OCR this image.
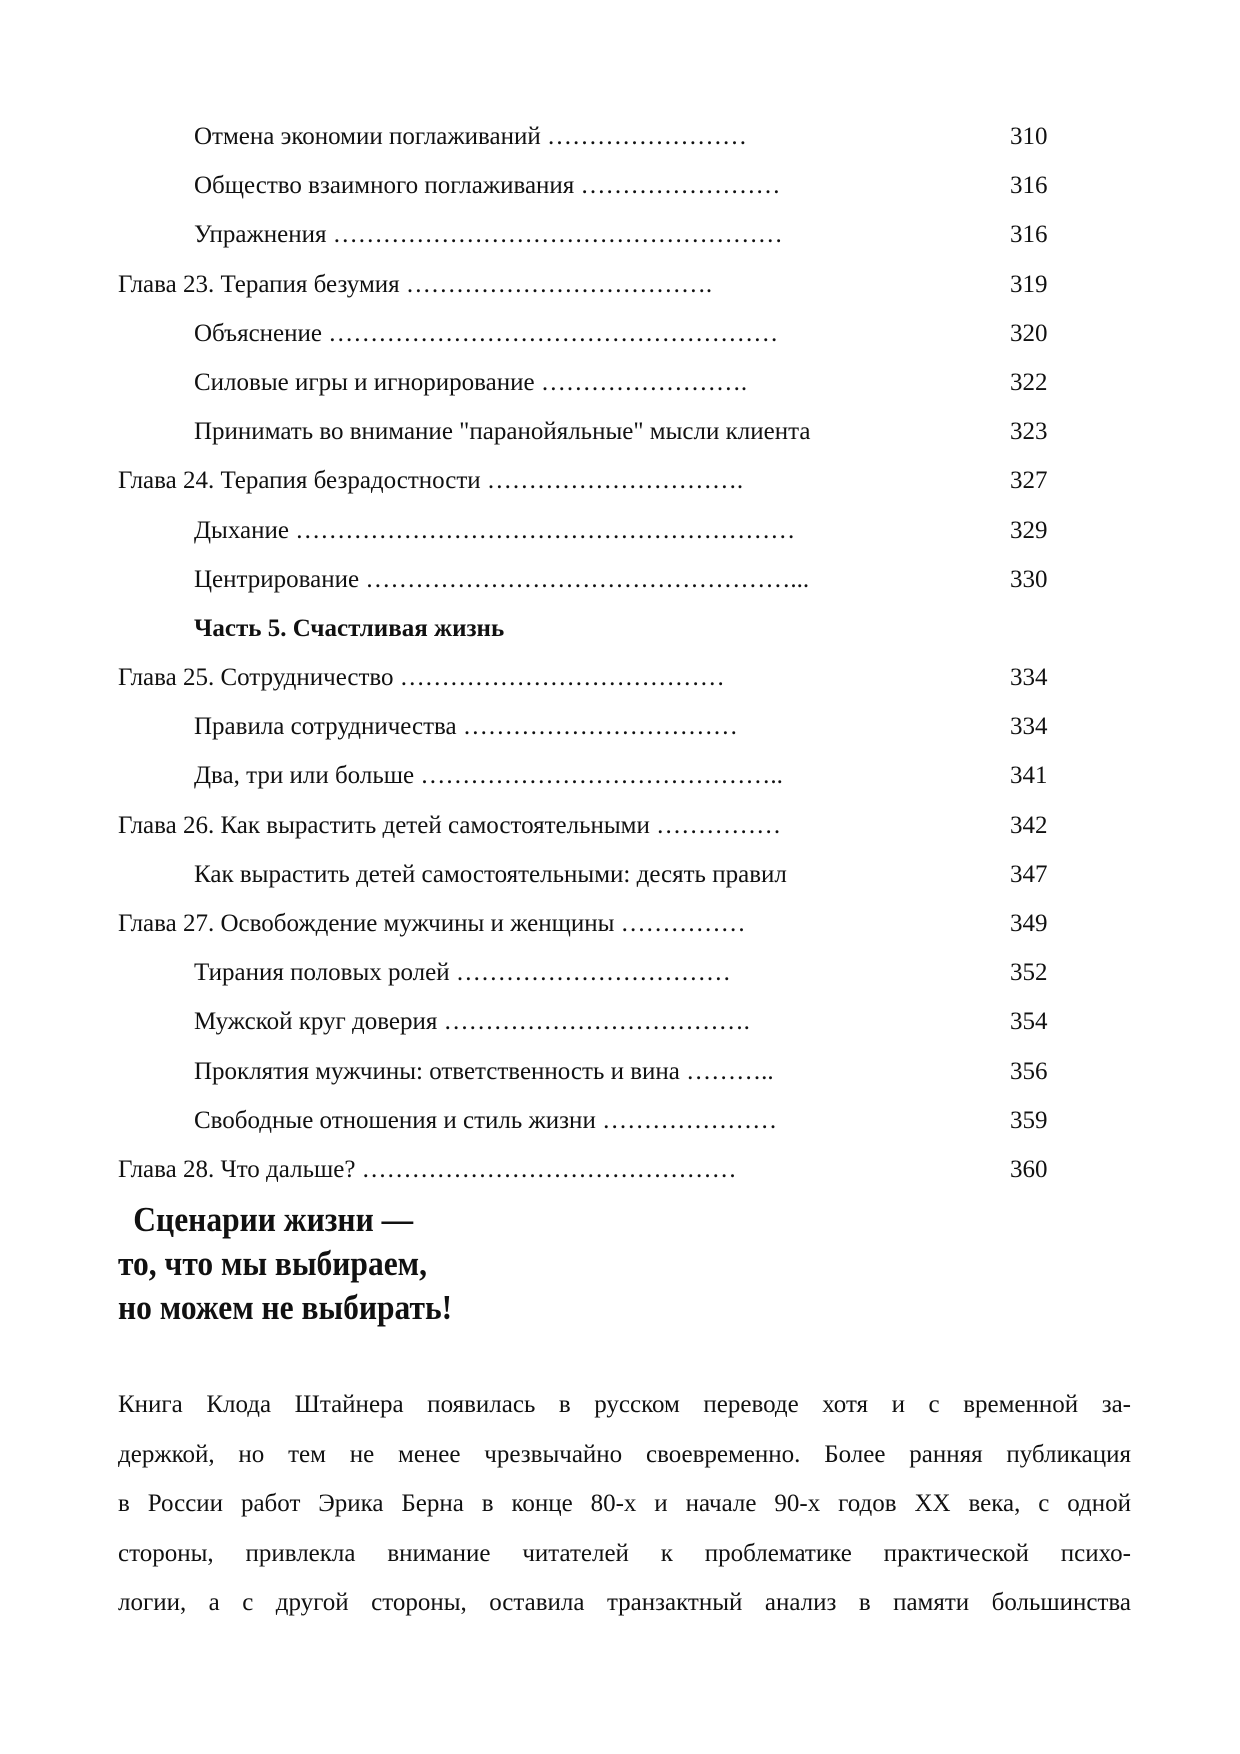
Отмена экономии поглаживаний ……………………	310
Общество взаимного поглаживания ……………………	316
Упражнения ………………………………………………	316
Глава 23. Терапия безумия ……………………………….	319
Объяснение ………………………………………………	320
Силовые игры и игнорирование …………………….	322
Принимать во внимание "паранойяльные" мысли клиента	323
Глава 24. Терапия безрадостности ………………………….	327
Дыхание ……………………………………………………	329
Центрирование ……………………………………………...	330
Часть 5. Счастливая жизнь
Глава 25. Сотрудничество …………………………………	334
Правила сотрудничества ……………………………	334
Два, три или больше ……………………………………..	341
Глава 26. Как вырастить детей самостоятельными ……………	342
Как вырастить детей самостоятельными: десять правил	347
Глава 27. Освобождение мужчины и женщины ……………	349
Тирания половых ролей ……………………………	352
Мужской круг доверия ……………………………….	354
Проклятия мужчины: ответственность и вина ………..	356
Свободные отношения и стиль жизни …………………	359
Глава 28. Что дальше? ………………………………………	360
Сценарии жизни —
то, что мы выбираем,
но можем не выбирать!
Книга Клода Штайнера появилась в русском переводе хотя и с временной за-
держкой, но тем не менее чрезвычайно своевременно. Более ранняя публикация
в России работ Эрика Берна в конце 80-х и начале 90-х годов XX века, с одной
стороны, привлекла внимание читателей к проблематике практической психо-
логии, а с другой стороны, оставила транзактный анализ в памяти большинства
